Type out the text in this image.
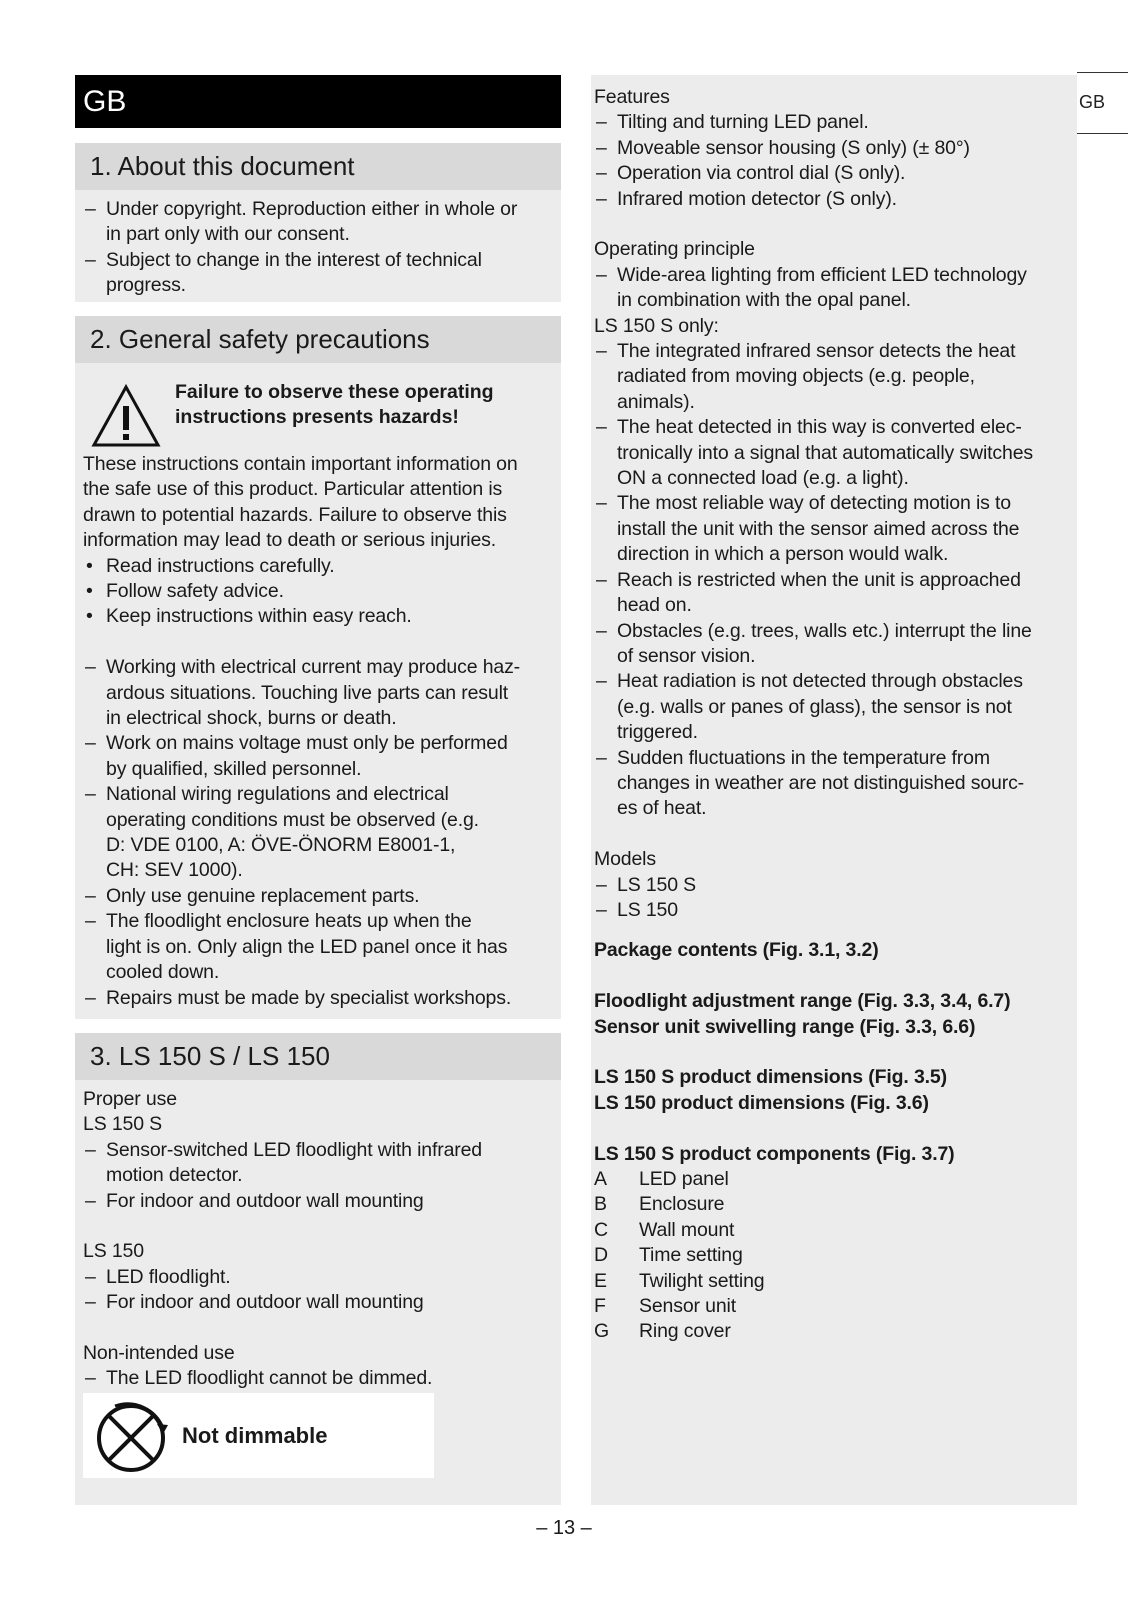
GB	GB
1. About this document
– Under copyright. Reproduction either in whole or
in part only with our consent.
– Subject to change in the interest of technical
progress.
2. General safety precautions
Failure to observe these operating
instructions presents hazards!
These instructions contain important information on
the safe use of this product. Particular attention is
drawn to potential hazards. Failure to observe this
information may lead to death or serious injuries.
• Read instructions carefully.
• Follow safety advice.
• Keep instructions within easy reach.
– Working with electrical current may produce haz-
ardous situations. Touching live parts can result
in electrical shock, burns or death.
– Work on mains voltage must only be performed
by qualified, skilled personnel.
– National wiring regulations and electrical
operating conditions must be observed (e.g.
D: VDE 0100, A: ÖVE-ÖNORM E8001-1,
CH: SEV 1000).
– Only use genuine replacement parts.
– The floodlight enclosure heats up when the
light is on. Only align the LED panel once it has
cooled down.
– Repairs must be made by specialist workshops.
3. LS 150 S / LS 150
Proper use
LS 150 S
– Sensor-switched LED floodlight with infrared
motion detector.
– For indoor and outdoor wall mounting
LS 150
– LED floodlight.
– For indoor and outdoor wall mounting
Non-intended use
– The LED floodlight cannot be dimmed.
Not dimmable
Features
– Tilting and turning LED panel.
– Moveable sensor housing (S only) (± 80°)
– Operation via control dial (S only).
– Infrared motion detector (S only).
Operating principle
– Wide-area lighting from efficient LED technology
in combination with the opal panel.
LS 150 S only:
– The integrated infrared sensor detects the heat
radiated from moving objects (e.g. people,
animals).
– The heat detected in this way is converted elec-
tronically into a signal that automatically switches
ON a connected load (e.g. a light).
– The most reliable way of detecting motion is to
install the unit with the sensor aimed across the
direction in which a person would walk.
– Reach is restricted when the unit is approached
head on.
– Obstacles (e.g. trees, walls etc.) interrupt the line
of sensor vision.
– Heat radiation is not detected through obstacles
(e.g. walls or panes of glass), the sensor is not
triggered.
– Sudden fluctuations in the temperature from
changes in weather are not distinguished sourc-
es of heat.
Models
– LS 150 S
– LS 150
Package contents (Fig. 3.1, 3.2)
Floodlight adjustment range (Fig. 3.3, 3.4, 6.7)
Sensor unit swivelling range (Fig. 3.3, 6.6)
LS 150 S product dimensions (Fig. 3.5)
LS 150 product dimensions (Fig. 3.6)
LS 150 S product components (Fig. 3.7)
A LED panel
B Enclosure
C Wall mount
D Time setting
E Twilight setting
F Sensor unit
G Ring cover
– 13 –
